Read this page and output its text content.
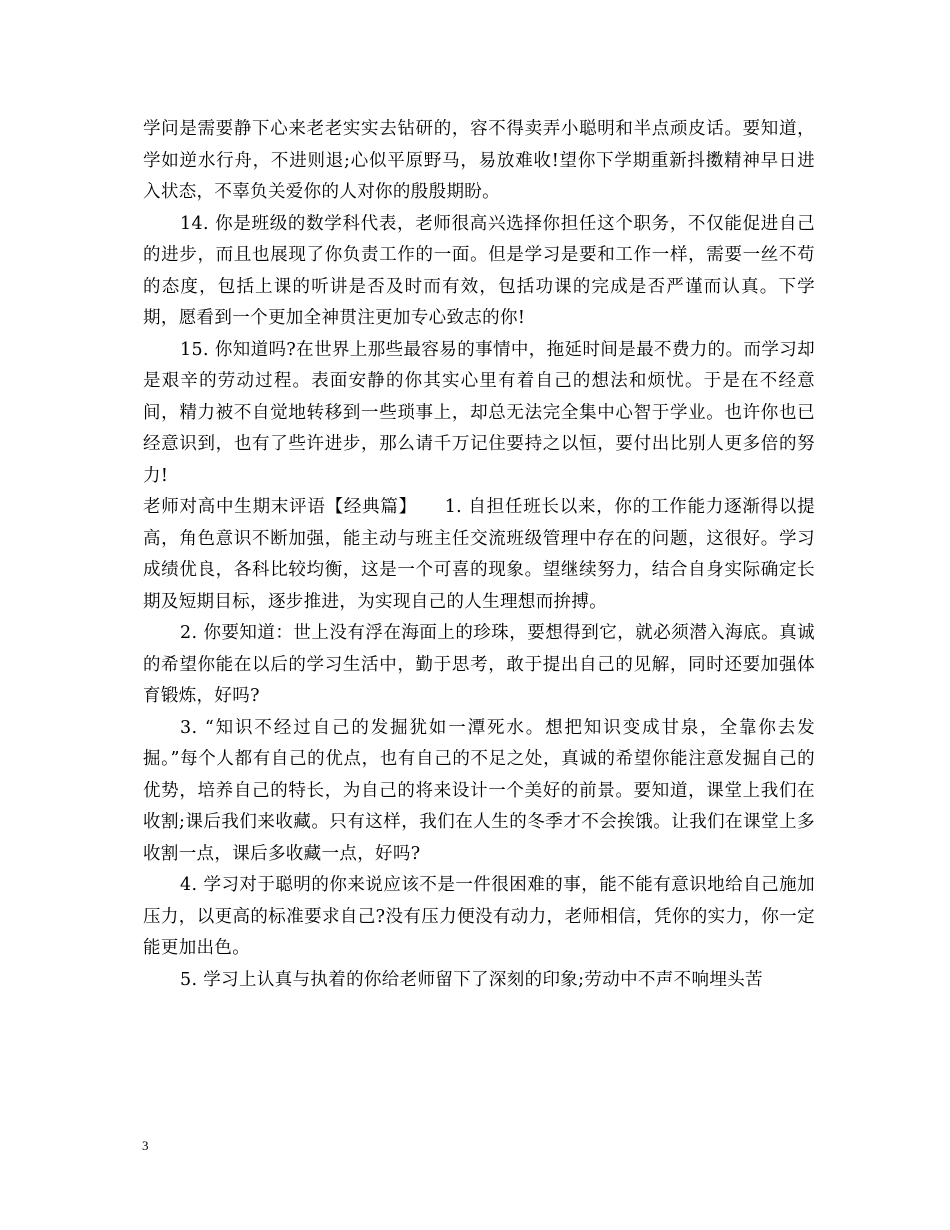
学问是需要静下心来老老实实去钻研的，容不得卖弄小聪明和半点顽皮话。要知道，学如逆水行舟，不进则退;心似平原野马，易放难收!望你下学期重新抖擞精神早日进入状态，不辜负关爱你的人对你的殷殷期盼。

14. 你是班级的数学科代表，老师很高兴选择你担任这个职务，不仅能促进自己的进步，而且也展现了你负责工作的一面。但是学习是要和工作一样，需要一丝不苟的态度，包括上课的听讲是否及时而有效，包括功课的完成是否严谨而认真。下学期，愿看到一个更加全神贯注更加专心致志的你!

15. 你知道吗?在世界上那些最容易的事情中，拖延时间是最不费力的。而学习却是艰辛的劳动过程。表面安静的你其实心里有着自己的想法和烦忧。于是在不经意间，精力被不自觉地转移到一些琐事上，却总无法完全集中心智于学业。也许你也已经意识到，也有了些许进步，那么请千万记住要持之以恒，要付出比别人更多倍的努力!

老师对高中生期末评语【经典篇】　　1. 自担任班长以来，你的工作能力逐渐得以提高，角色意识不断加强，能主动与班主任交流班级管理中存在的问题，这很好。学习成绩优良，各科比较均衡，这是一个可喜的现象。望继续努力，结合自身实际确定长期及短期目标，逐步推进，为实现自己的人生理想而拚搏。

2. 你要知道：世上没有浮在海面上的珍珠，要想得到它，就必须潜入海底。真诚的希望你能在以后的学习生活中，勤于思考，敢于提出自己的见解，同时还要加强体育锻炼，好吗?

3. “知识不经过自己的发掘犹如一潭死水。想把知识变成甘泉，全靠你去发掘。”每个人都有自己的优点，也有自己的不足之处，真诚的希望你能注意发掘自己的优势，培养自己的特长，为自己的将来设计一个美好的前景。要知道，课堂上我们在收割;课后我们来收藏。只有这样，我们在人生的冬季才不会挨饿。让我们在课堂上多收割一点，课后多收藏一点，好吗?

4. 学习对于聪明的你来说应该不是一件很困难的事，能不能有意识地给自己施加压力，以更高的标准要求自己?没有压力便没有动力，老师相信，凭你的实力，你一定能更加出色。

5. 学习上认真与执着的你给老师留下了深刻的印象;劳动中不声不响埋头苦

3
